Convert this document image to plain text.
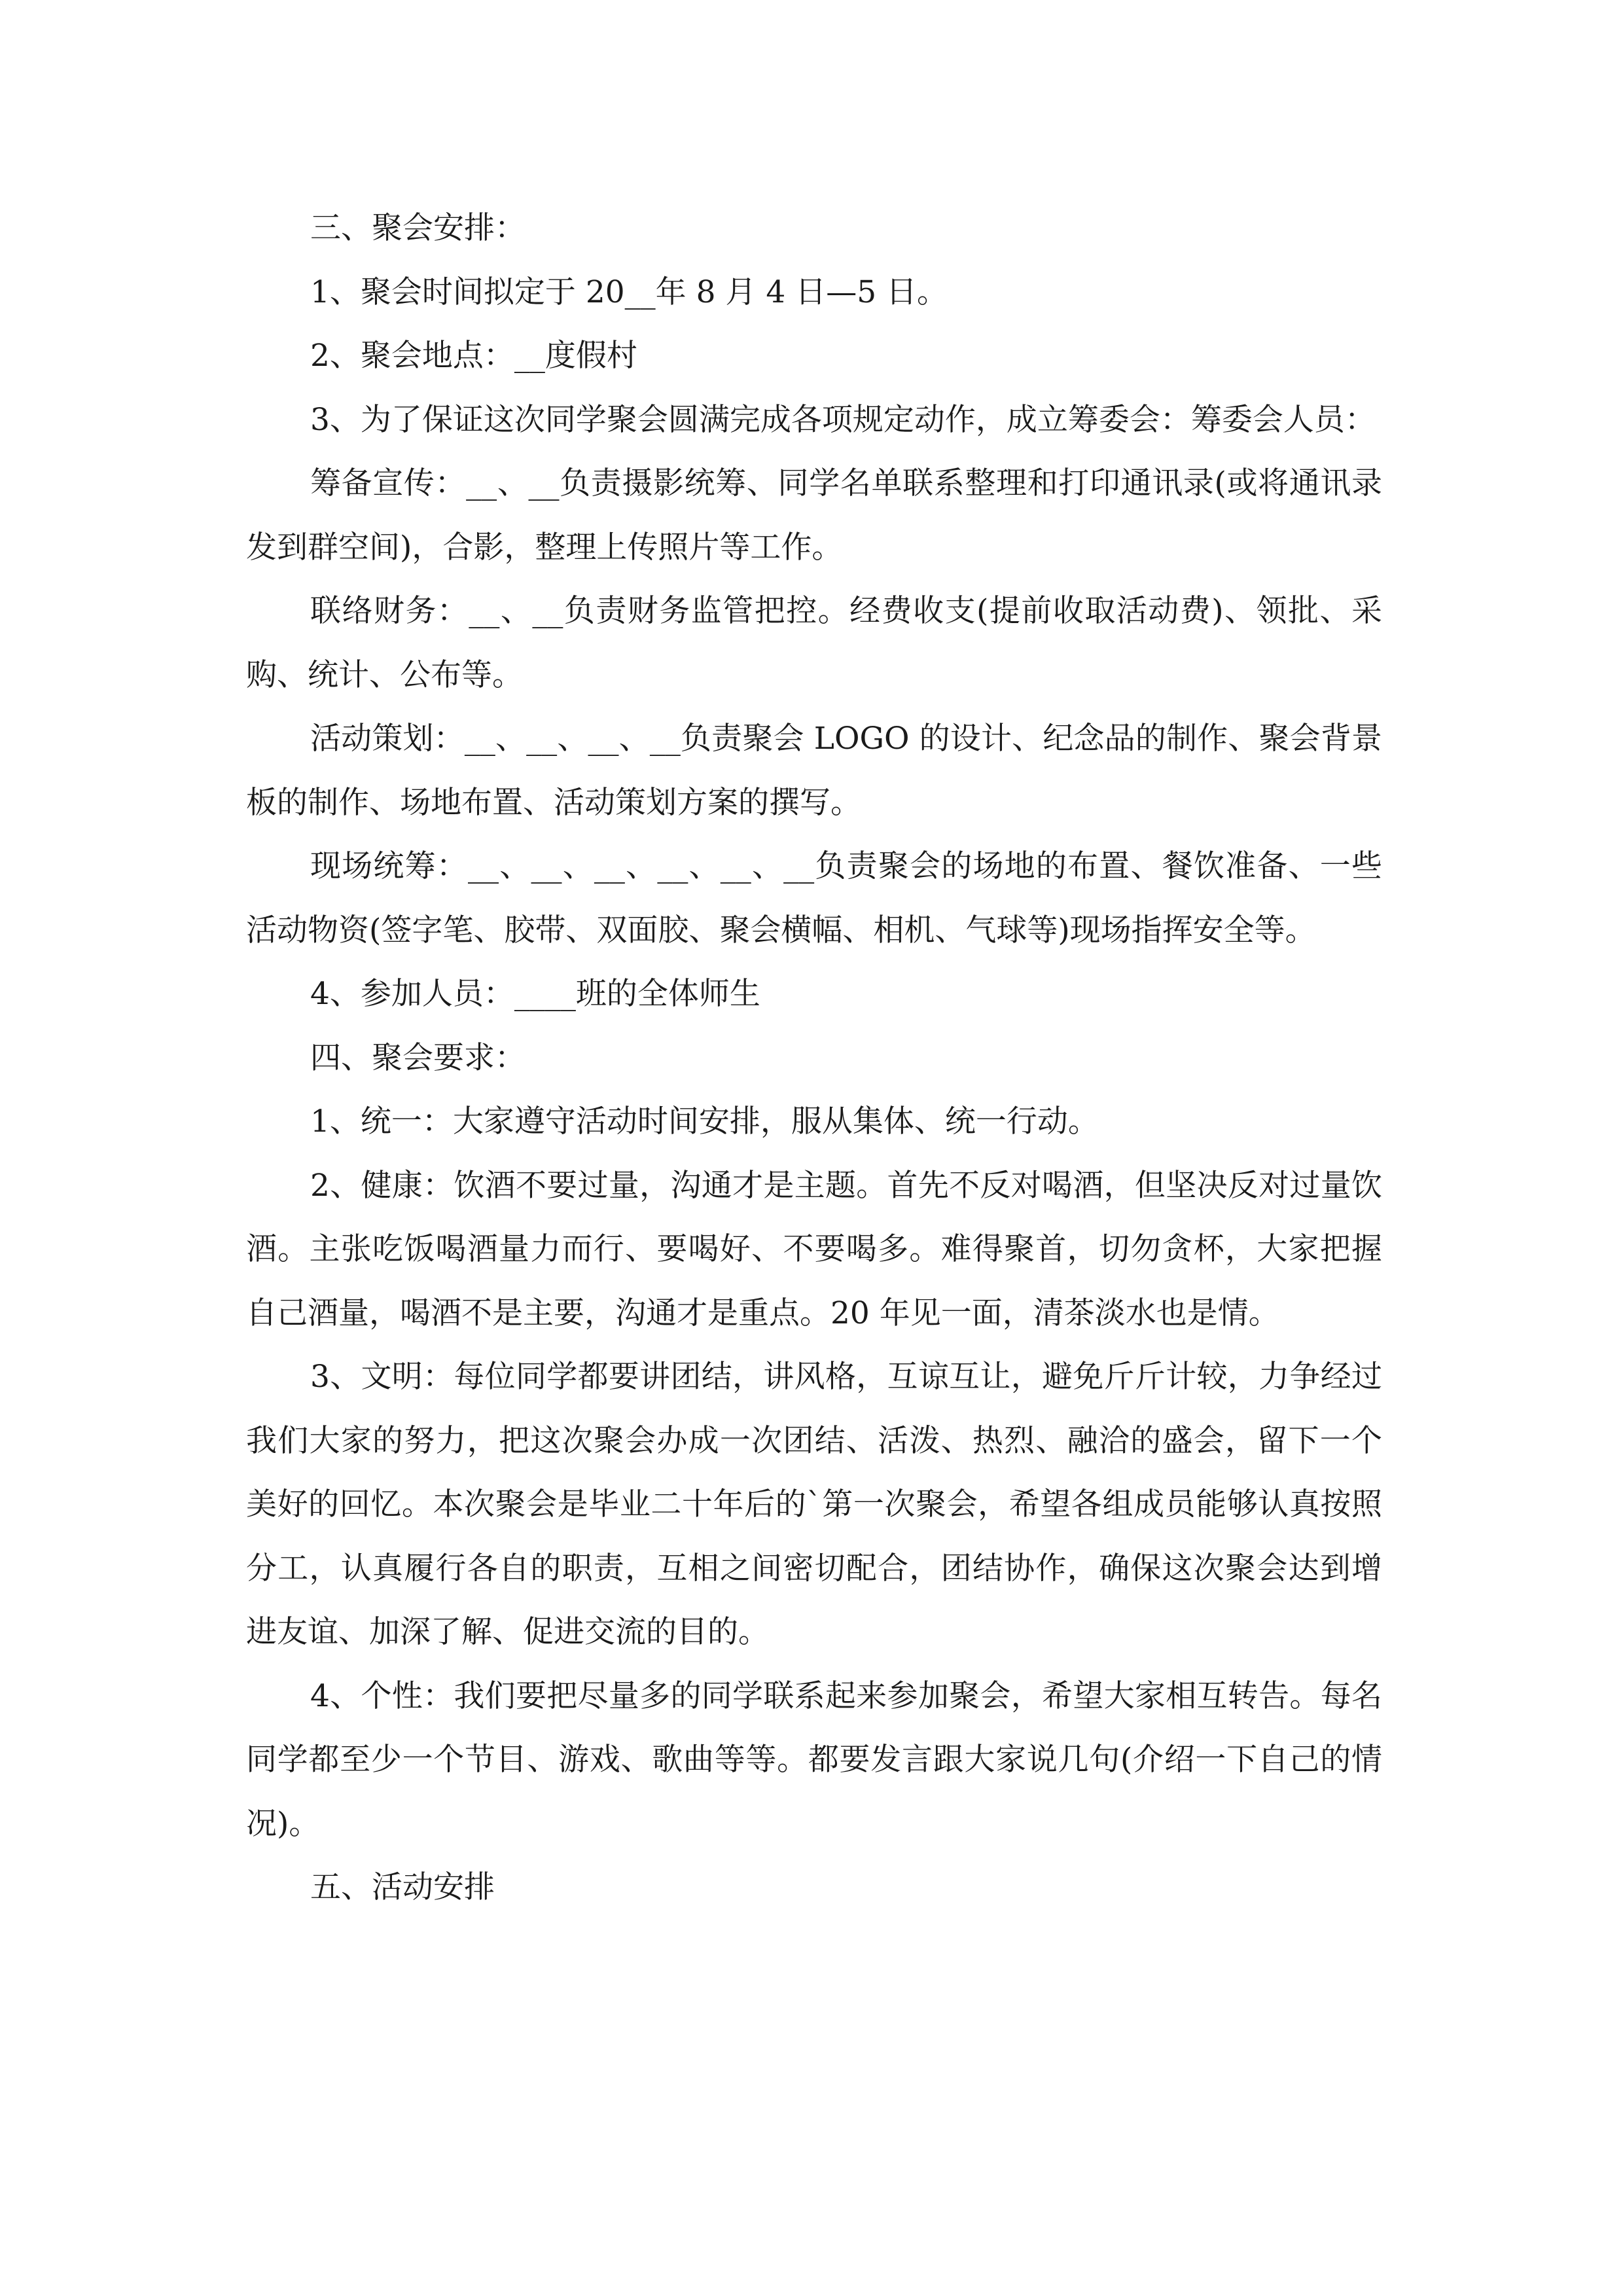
三、聚会安排：

1、聚会时间拟定于 20__年 8 月 4 日—5 日。

2、聚会地点：__度假村

3、为了保证这次同学聚会圆满完成各项规定动作，成立筹委会：筹委会人员：

筹备宣传：__、__负责摄影统筹、同学名单联系整理和打印通讯录(或将通讯录发到群空间)，合影，整理上传照片等工作。

联络财务：__、__负责财务监管把控。经费收支(提前收取活动费)、领批、采购、统计、公布等。

活动策划：__、__、__、__负责聚会 LOGO 的设计、纪念品的制作、聚会背景板的制作、场地布置、活动策划方案的撰写。

现场统筹：__、__、__、__、__、__负责聚会的场地的布置、餐饮准备、一些活动物资(签字笔、胶带、双面胶、聚会横幅、相机、气球等)现场指挥安全等。

4、参加人员：____班的全体师生

四、聚会要求：

1、统一：大家遵守活动时间安排，服从集体、统一行动。

2、健康：饮酒不要过量，沟通才是主题。首先不反对喝酒，但坚决反对过量饮酒。主张吃饭喝酒量力而行、要喝好、不要喝多。难得聚首，切勿贪杯，大家把握自己酒量，喝酒不是主要，沟通才是重点。20 年见一面，清茶淡水也是情。

3、文明：每位同学都要讲团结，讲风格，互谅互让，避免斤斤计较，力争经过我们大家的努力，把这次聚会办成一次团结、活泼、热烈、融洽的盛会，留下一个美好的回忆。本次聚会是毕业二十年后的`第一次聚会，希望各组成员能够认真按照分工，认真履行各自的职责，互相之间密切配合，团结协作，确保这次聚会达到增进友谊、加深了解、促进交流的目的。

4、个性：我们要把尽量多的同学联系起来参加聚会，希望大家相互转告。每名同学都至少一个节目、游戏、歌曲等等。都要发言跟大家说几句(介绍一下自己的情况)。

五、活动安排
